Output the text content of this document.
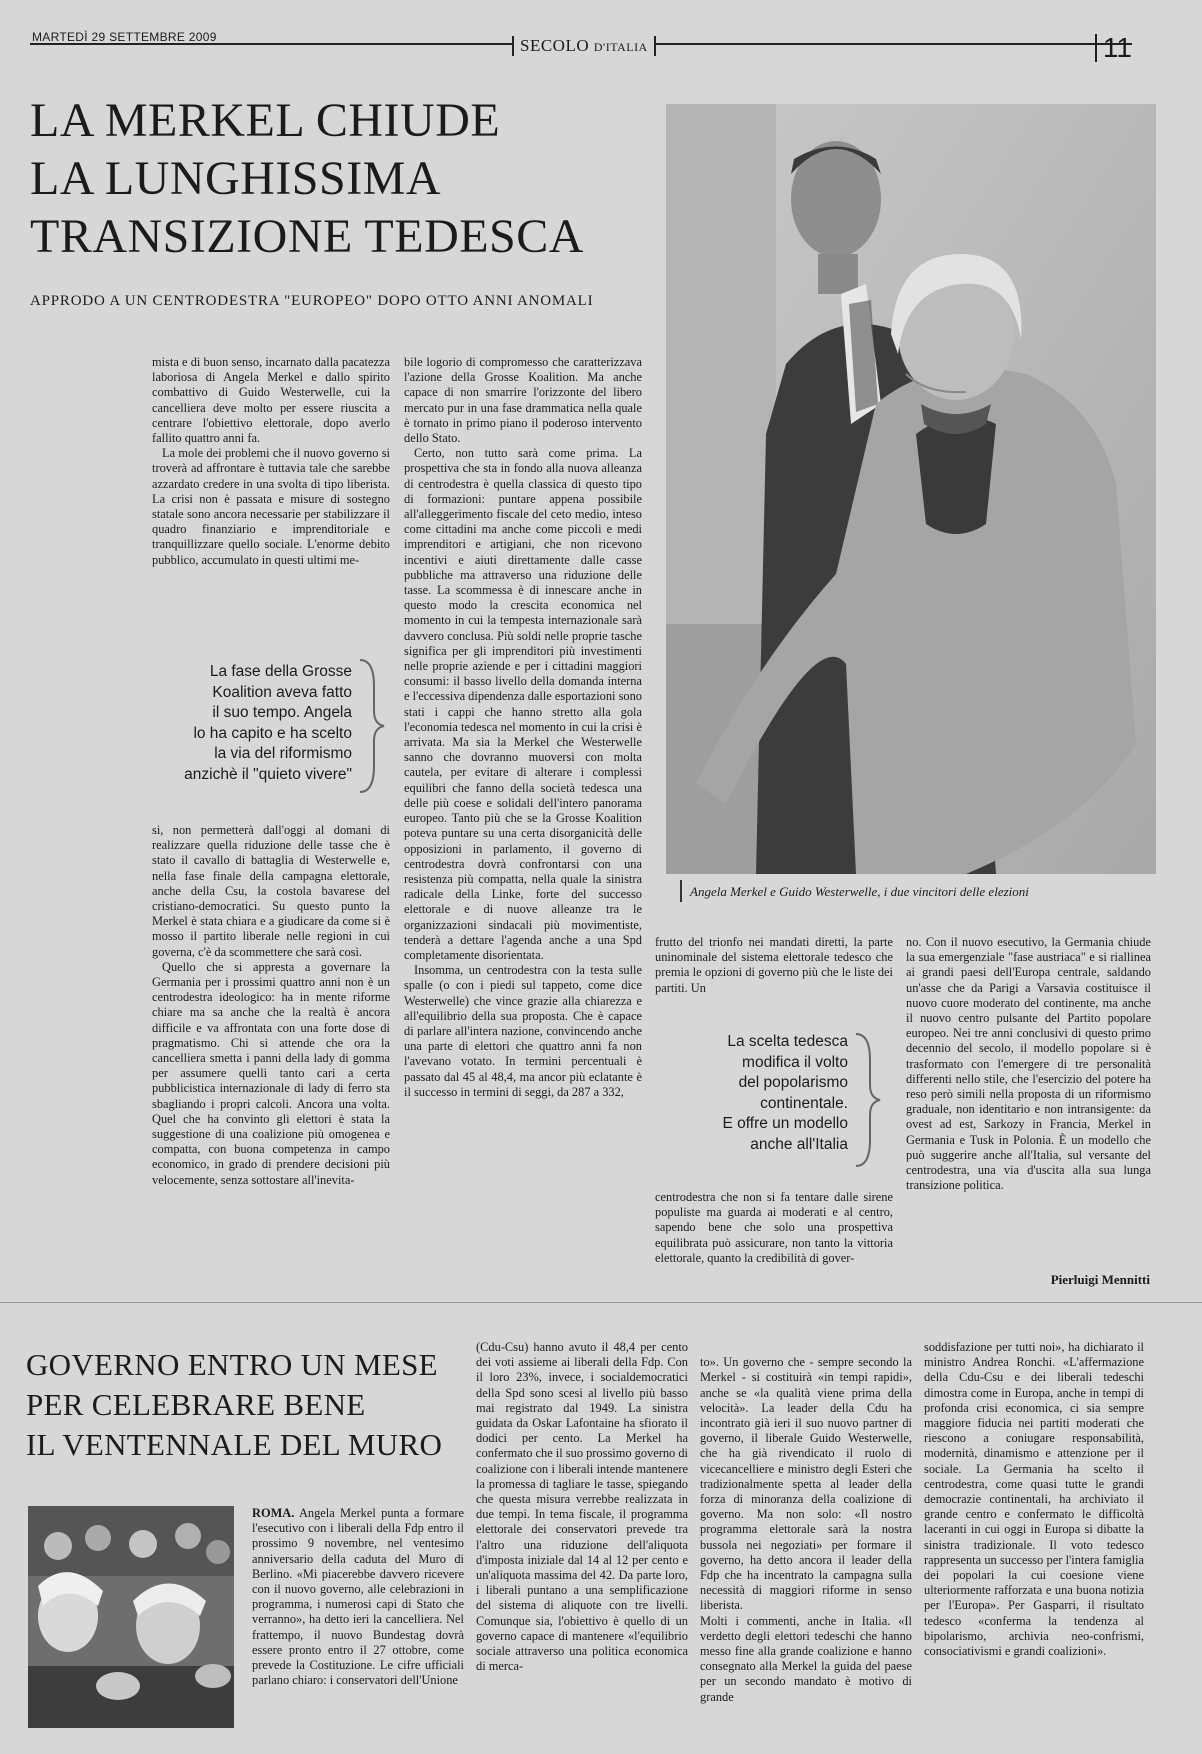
MARTEDÌ 29 SETTEMBRE 2009	SECOLO D'ITALIA	11
LA MERKEL CHIUDE
LA LUNGHISSIMA
TRANSIZIONE TEDESCA
APPRODO A UN CENTRODESTRA "EUROPEO" DOPO OTTO ANNI ANOMALI
Angela Merkel e Guido Westerwelle, i due vincitori delle elezioni

mista e di buon senso, incarnato dalla pacatezza laboriosa di Angela Merkel e dallo spirito combattivo di Guido Westerwelle, cui la cancelliera deve molto per essere riuscita a centrare l'obiettivo elettorale, dopo averlo fallito quattro anni fa.

La mole dei problemi che il nuovo governo si troverà ad affrontare è tuttavia tale che sarebbe azzardato credere in una svolta di tipo liberista. La crisi non è passata e misure di sostegno statale sono ancora necessarie per stabilizzare il quadro finanziario e imprenditoriale e tranquillizzare quello sociale. L'enorme debito pubblico, accumulato in questi ultimi me-

La fase della Grosse
Koalition aveva fatto
il suo tempo. Angela
lo ha capito e ha scelto
la via del riformismo
anzichè il "quieto vivere"

si, non permetterà dall'oggi al domani di realizzare quella riduzione delle tasse che è stato il cavallo di battaglia di Westerwelle e, nella fase finale della campagna elettorale, anche della Csu, la costola bavarese del cristiano-democratici. Su questo punto la Merkel è stata chiara e a giudicare da come si è mosso il partito liberale nelle regioni in cui governa, c'è da scommettere che sarà così.

Quello che si appresta a governare la Germania per i prossimi quattro anni non è un centrodestra ideologico: ha in mente riforme chiare ma sa anche che la realtà è ancora difficile e va affrontata con una forte dose di pragmatismo. Chi si attende che ora la cancelliera smetta i panni della lady di gomma per assumere quelli tanto cari a certa pubblicistica internazionale di lady di ferro sta sbagliando i propri calcoli. Ancora una volta. Quel che ha convinto gli elettori è stata la suggestione di una coalizione più omogenea e compatta, con buona competenza in campo economico, in grado di prendere decisioni più velocemente, senza sottostare all'inevita-

bile logorio di compromesso che caratterizzava l'azione della Grosse Koalition. Ma anche capace di non smarrire l'orizzonte del libero mercato pur in una fase drammatica nella quale è tornato in primo piano il poderoso intervento dello Stato.

Certo, non tutto sarà come prima. La prospettiva che sta in fondo alla nuova alleanza di centrodestra è quella classica di questo tipo di formazioni: puntare appena possibile all'alleggerimento fiscale del ceto medio, inteso come cittadini ma anche come piccoli e medi imprenditori e artigiani, che non ricevono incentivi e aiuti direttamente dalle casse pubbliche ma attraverso una riduzione delle tasse. La scommessa è di innescare anche in questo modo la crescita economica nel momento in cui la tempesta internazionale sarà davvero conclusa. Più soldi nelle proprie tasche significa per gli imprenditori più investimenti nelle proprie aziende e per i cittadini maggiori consumi: il basso livello della domanda interna e l'eccessiva dipendenza dalle esportazioni sono stati i cappi che hanno stretto alla gola l'economia tedesca nel momento in cui la crisi è arrivata. Ma sia la Merkel che Westerwelle sanno che dovranno muoversi con molta cautela, per evitare di alterare i complessi equilibri che fanno della società tedesca una delle più coese e solidali dell'intero panorama europeo. Tanto più che se la Grosse Koalition poteva puntare su una certa disorganicità delle opposizioni in parlamento, il governo di centrodestra dovrà confrontarsi con una resistenza più compatta, nella quale la sinistra radicale della Linke, forte del successo elettorale e di nuove alleanze tra le organizzazioni sindacali più movimentiste, tenderà a dettare l'agenda anche a una Spd completamente disorientata.

Insomma, un centrodestra con la testa sulle spalle (o con i piedi sul tappeto, come dice Westerwelle) che vince grazie alla chiarezza e all'equilibrio della sua proposta. Che è capace di parlare all'intera nazione, convincendo anche una parte di elettori che quattro anni fa non l'avevano votato. In termini percentuali è passato dal 45 al 48,4, ma ancor più eclatante è il successo in termini di seggi, da 287 a 332,

frutto del trionfo nei mandati diretti, la parte uninominale del sistema elettorale tedesco che premia le opzioni di governo più che le liste dei partiti. Un

La scelta tedesca
modifica il volto
del popolarismo
continentale.
E offre un modello
anche all'Italia

centrodestra che non si fa tentare dalle sirene populiste ma guarda ai moderati e al centro, sapendo bene che solo una prospettiva equilibrata può assicurare, non tanto la vittoria elettorale, quanto la credibilità di gover-

no. Con il nuovo esecutivo, la Germania chiude la sua emergenziale "fase austriaca" e si riallinea ai grandi paesi dell'Europa centrale, saldando un'asse che da Parigi a Varsavia costituisce il nuovo cuore moderato del continente, ma anche il nuovo centro pulsante del Partito popolare europeo. Nei tre anni conclusivi di questo primo decennio del secolo, il modello popolare si è trasformato con l'emergere di tre personalità differenti nello stile, che l'esercizio del potere ha reso però simili nella proposta di un riformismo graduale, non identitario e non intransigente: da ovest ad est, Sarkozy in Francia, Merkel in Germania e Tusk in Polonia. È un modello che può suggerire anche all'Italia, sul versante del centrodestra, una via d'uscita alla sua lunga transizione politica.

Pierluigi Mennitti
GOVERNO ENTRO UN MESE
PER CELEBRARE BENE
IL VENTENNALE DEL MURO

ROMA. Angela Merkel punta a formare l'esecutivo con i liberali della Fdp entro il prossimo 9 novembre, nel ventesimo anniversario della caduta del Muro di Berlino. «Mi piacerebbe davvero ricevere con il nuovo governo, alle celebrazioni in programma, i numerosi capi di Stato che verranno», ha detto ieri la cancelliera. Nel frattempo, il nuovo Bundestag dovrà essere pronto entro il 27 ottobre, come prevede la Costituzione. Le cifre ufficiali parlano chiaro: i conservatori dell'Unione

(Cdu-Csu) hanno avuto il 48,4 per cento dei voti assieme ai liberali della Fdp. Con il loro 23%, invece, i socialdemocratici della Spd sono scesi al livello più basso mai registrato dal 1949. La sinistra guidata da Oskar Lafontaine ha sfiorato il dodici per cento. La Merkel ha confermato che il suo prossimo governo di coalizione con i liberali intende mantenere la promessa di tagliare le tasse, spiegando che questa misura verrebbe realizzata in due tempi. In tema fiscale, il programma elettorale dei conservatori prevede tra l'altro una riduzione dell'aliquota d'imposta iniziale dal 14 al 12 per cento e un'aliquota massima del 42. Da parte loro, i liberali puntano a una semplificazione del sistema di aliquote con tre livelli. Comunque sia, l'obiettivo è quello di un governo capace di mantenere «l'equilibrio sociale attraverso una politica economica di merca-

to». Un governo che - sempre secondo la Merkel - si costituirà «in tempi rapidi», anche se «la qualità viene prima della velocità». La leader della Cdu ha incontrato già ieri il suo nuovo partner di governo, il liberale Guido Westerwelle, che ha già rivendicato il ruolo di vicecancelliere e ministro degli Esteri che tradizionalmente spetta al leader della forza di minoranza della coalizione di governo. Ma non solo: «Il nostro programma elettorale sarà la nostra bussola nei negoziati» per formare il governo, ha detto ancora il leader della Fdp che ha incentrato la campagna sulla necessità di maggiori riforme in senso liberista.
Molti i commenti, anche in Italia. «Il verdetto degli elettori tedeschi che hanno messo fine alla grande coalizione e hanno consegnato alla Merkel la guida del paese per un secondo mandato è motivo di grande

soddisfazione per tutti noi», ha dichiarato il ministro Andrea Ronchi. «L'affermazione della Cdu-Csu e dei liberali tedeschi dimostra come in Europa, anche in tempi di profonda crisi economica, ci sia sempre maggiore fiducia nei partiti moderati che riescono a coniugare responsabilità, modernità, dinamismo e attenzione per il sociale. La Germania ha scelto il centrodestra, come quasi tutte le grandi democrazie continentali, ha archiviato il grande centro e confermato le difficoltà laceranti in cui oggi in Europa si dibatte la sinistra tradizionale. Il voto tedesco rappresenta un successo per l'intera famiglia dei popolari la cui coesione viene ulteriormente rafforzata e una buona notizia per l'Europa». Per Gasparri, il risultato tedesco «conferma la tendenza al bipolarismo, archivia neo-confrismi, consociativismi e grandi coalizioni».
